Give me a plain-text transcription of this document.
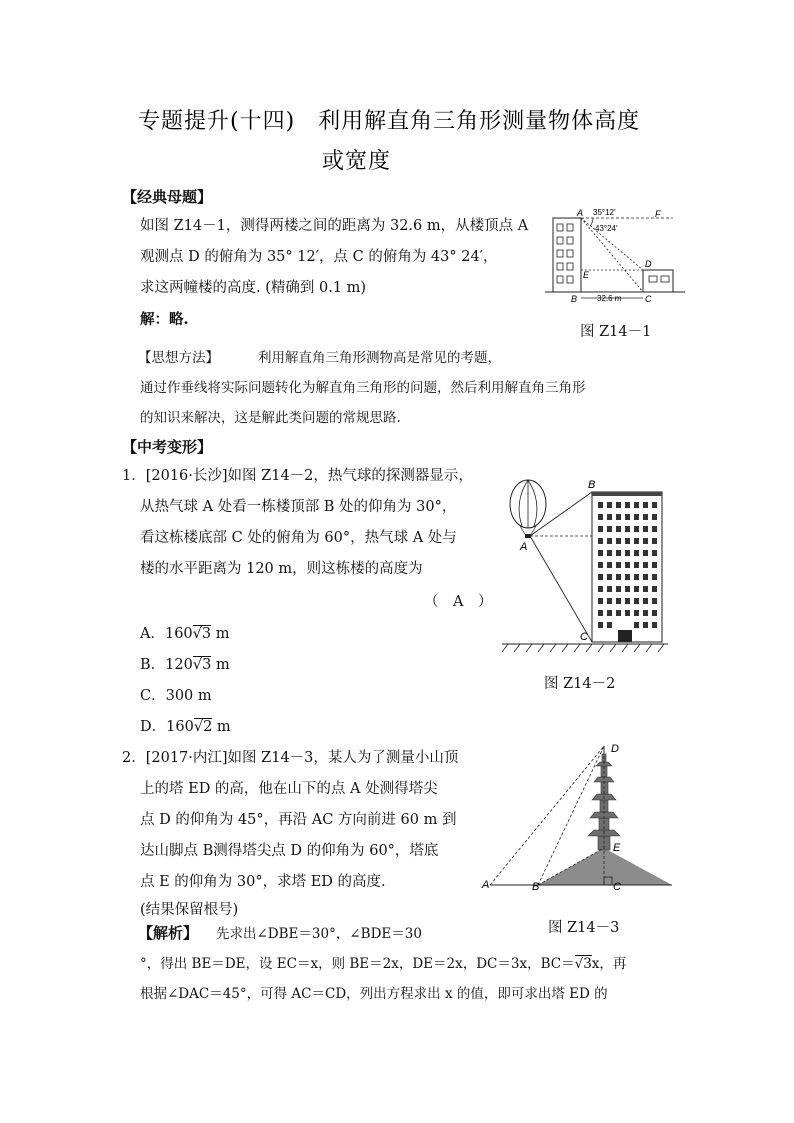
专题提升(十四)　利用解直角三角形测量物体高度
或宽度
【经典母题】
如图 Z14－1，测得两楼之间的距离为 32.6 m，从楼顶点 A
观测点 D 的俯角为 35° 12′，点 C 的俯角为 43° 24′，
求这两幢楼的高度. (精确到 0.1 m)
解：略.
A 35°12′
43°24′
F
D
E
B	C
32.6 m
图 Z14－1
【思想方法】	利用解直角三角形测物高是常见的考题，
通过作垂线将实际问题转化为解直角三角形的问题，然后利用解直角三角形
的知识来解决，这是解此类问题的常规思路.
【中考变形】
1．[2016·长沙]如图 Z14－2，热气球的探测器显示，
从热气球 A 处看一栋楼顶部 B 处的仰角为 30°，
看这栋楼底部 C 处的俯角为 60°，热气球 A 处与
楼的水平距离为 120 m，则这栋楼的高度为
（　A　）
A．160√3 m
B．120√3 m
C．300 m
D．160√2 m
A
B
C
图 Z14－2
2．[2017·内江]如图 Z14－3，某人为了测量小山顶
上的塔 ED 的高，他在山下的点 A 处测得塔尖
点 D 的仰角为 45°，再沿 AC 方向前进 60 m 到
达山脚点 B测得塔尖点 D 的仰角为 60°，塔底
点 E 的仰角为 30°，求塔 ED 的高度.
(结果保留根号)
D
E
A	B	C
图 Z14－3
【解析】 先求出∠DBE＝30°，∠BDE＝30
°，得出 BE＝DE，设 EC＝x，则 BE＝2x，DE＝2x，DC＝3x，BC＝√3x，再
根据∠DAC＝45°，可得 AC＝CD，列出方程求出 x 的值，即可求出塔 ED 的
